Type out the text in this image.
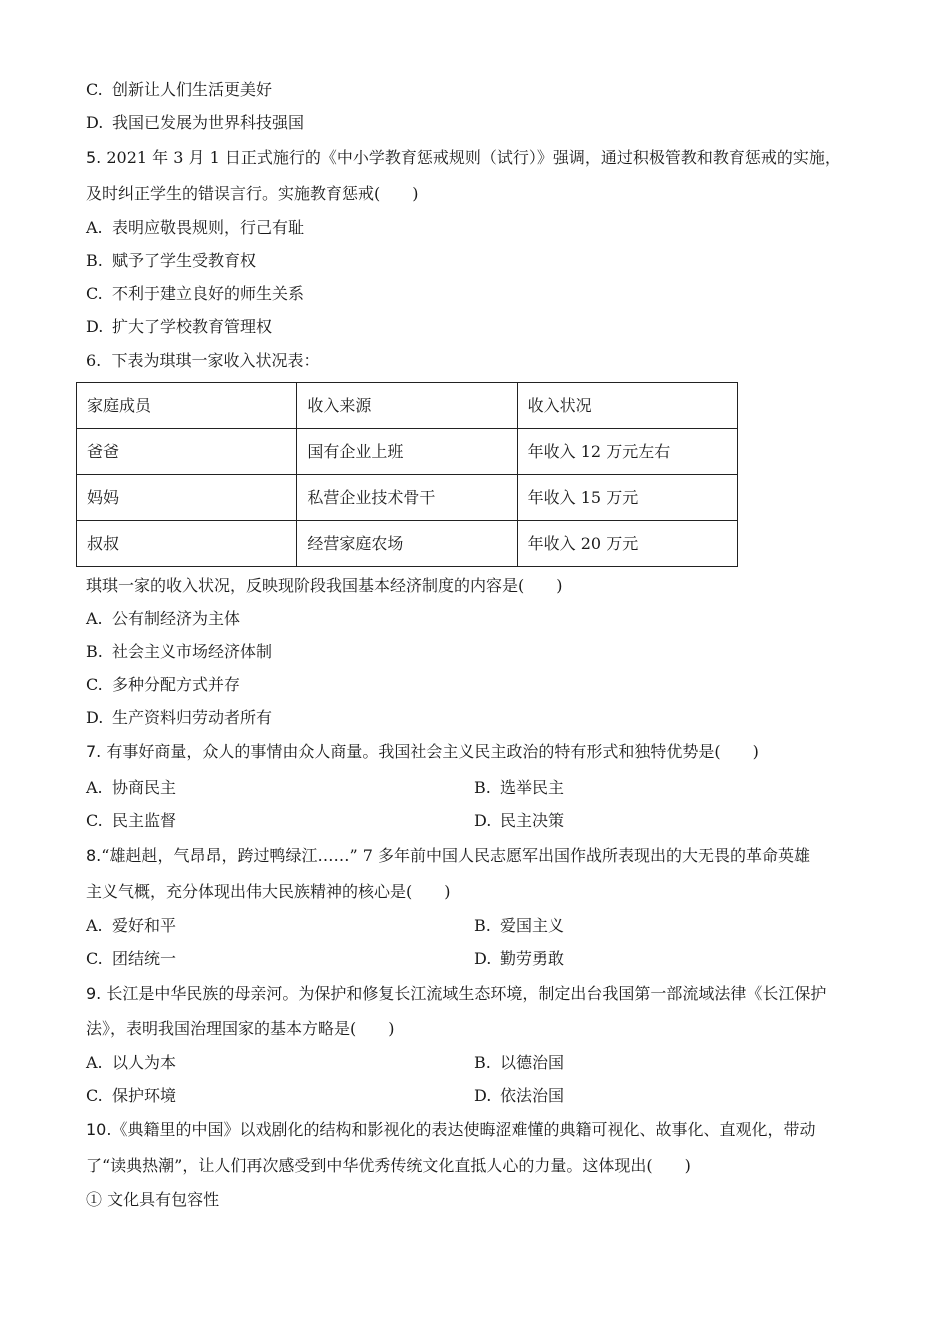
C. 创新让人们生活更美好
D. 我国已发展为世界科技强国
5. 2021 年 3 月 1 日正式施行的《中小学教育惩戒规则（试行）》强调，通过积极管教和教育惩戒的实施，
及时纠正学生的错误言行。实施教育惩戒(　　)
A. 表明应敬畏规则，行己有耻
B. 赋予了学生受教育权
C. 不利于建立良好的师生关系
D. 扩大了学校教育管理权
6. 下表为琪琪一家收入状况表：
家庭成员	收入来源	收入状况
爸爸	国有企业上班	年收入 12 万元左右
妈妈	私营企业技术骨干	年收入 15 万元
叔叔	经营家庭农场	年收入 20 万元
琪琪一家的收入状况，反映现阶段我国基本经济制度的内容是(　　)
A. 公有制经济为主体
B. 社会主义市场经济体制
C. 多种分配方式并存
D. 生产资料归劳动者所有
7. 有事好商量，众人的事情由众人商量。我国社会主义民主政治的特有形式和独特优势是(　　)
A. 协商民主	B. 选举民主
C. 民主监督	D. 民主决策
8.“雄赳赳，气昂昂，跨过鸭绿江……” 7 多年前中国人民志愿军出国作战所表现出的大无畏的革命英雄
主义气概，充分体现出伟大民族精神的核心是(　　)
A. 爱好和平	B. 爱国主义
C. 团结统一	D. 勤劳勇敢
9. 长江是中华民族的母亲河。为保护和修复长江流域生态环境，制定出台我国第一部流域法律《长江保护
法》，表明我国治理国家的基本方略是(　　)
A. 以人为本	B. 以德治国
C. 保护环境	D. 依法治国
10.《典籍里的中国》以戏剧化的结构和影视化的表达使晦涩难懂的典籍可视化、故事化、直观化，带动
了“读典热潮”，让人们再次感受到中华优秀传统文化直抵人心的力量。这体现出(　　)
① 文化具有包容性
